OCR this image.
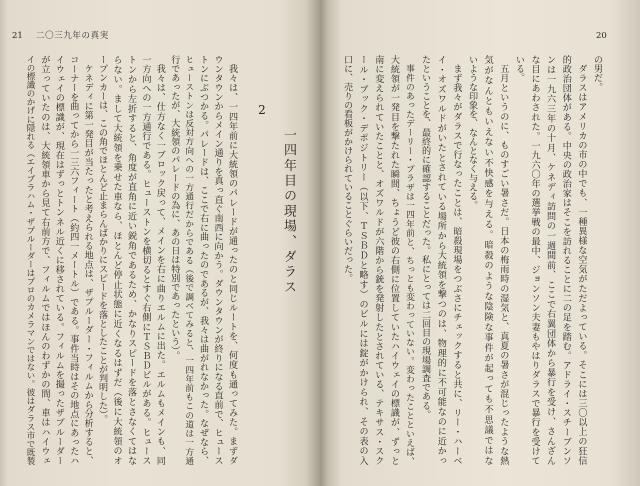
21 二〇三九年の真実
2
一四年目の現場、ダラス
我々は、一四年前に大統領のパレードが通ったのと同じルートを、何度も通ってみた。まずダ
ウンタウンからメイン通りを真っ直ぐ南西に向かう。ダウンタウンが終りになる直前で、ヒュース
トンにぶつかる。パレードは、ここで右に曲ったのであるが、我々は曲がれなかった。なぜなら、
ヒューストンは反対方向への一方通行だからである（後で調べてみると、一四年前もこの道は一方通
行であったが、大統領のパレードの為に、あの日は特別であったという）。
我々は、仕方なく一ブロック戻って、メインを右に曲りエルムに出た。エルムもメインも、同
一方向への一方通行である。ヒューストンを横切るとすぐ右側にＴＳＢＤビルがある。ヒュース
トンから左折すると、角度が直角に近い鋭角であるため、かなりスピードを落とさなくてはな
らない。まして大統領を乗せた車なら、ほとんど停止状態に近くなるはずだ（後に大統領のオ
ープンカーは、この角でほとんど止まらんばかりにスピードを落としたことが判明した）。
ケネディに第一発目が当たったと考えられる地点は、ザプルーダー・フィルムから分析すると、
コーナーを曲ってから一三六フィート（約四一メートル）である。事件当時はその地点にあったハ
イウェイの標識が、現在はずっとトンネル近くに移されている。フィルムを撮ったザプルーダー
が立っていたのは、大統領車から見て右前方で、フィルムではほんのわずかの間、車はハイウェ
イの標識のかげに隠れる（エイブラハム・ザプルーダーはプロのカメラマンではない。彼はダラス市で既製
20
の男だ。
ダラスはアメリカの市の中でも、一種異様な空気がただよっている。そこには三〇以上の狂信
的政治団体がある。中央の政治家はそこを訪れることに二の足を踏む。アドライ・スチーブンソ
ンは一九六三年の十月、ケネディ訪問の一週間前、ここで右翼団体から暴行を受け、さんざん
な目にあわされた。一九六〇年の選挙戦の最中、ジョンソン夫妻もやはりダラスで暴行を受けて
いる。
五月というのに、ものすごい暑さだ。日本の梅雨時の湿気と、真夏の暑さが混じったような熱
気がなんともいえない不快感を与える。暗殺のような陰険な事件が起っても不思議ではな
いような印象を、なんとなく与える。
まず我々がダラスで行なったことは、暗殺現場をつぶさにチェックすると共に、リー・ハーベ
イ・オズワルドがいたとされている場所から大統領を撃つのは、物理的に不可能なのに近かっ
たということを、最終的に確認することだった。私にとっては二回目の現場調査である。
事件のあったデーリー・プラザは一四年前と、ちっとも変わっていない。変わったことといえば、
大統領が一発目を撃たれた瞬間、ちょうど彼の右側に位置していたハイウェイの標識が、ずっと
南に変えられていたことと、オズワルドが六階から銃を発射したとされている、テキサス・スク
ール・ブック・デポジトリー（以下、ＴＳＢＤと略す）のビルには錠がかけられ、その表の入
口に、売りの看板がかけられていることぐらいだった。
